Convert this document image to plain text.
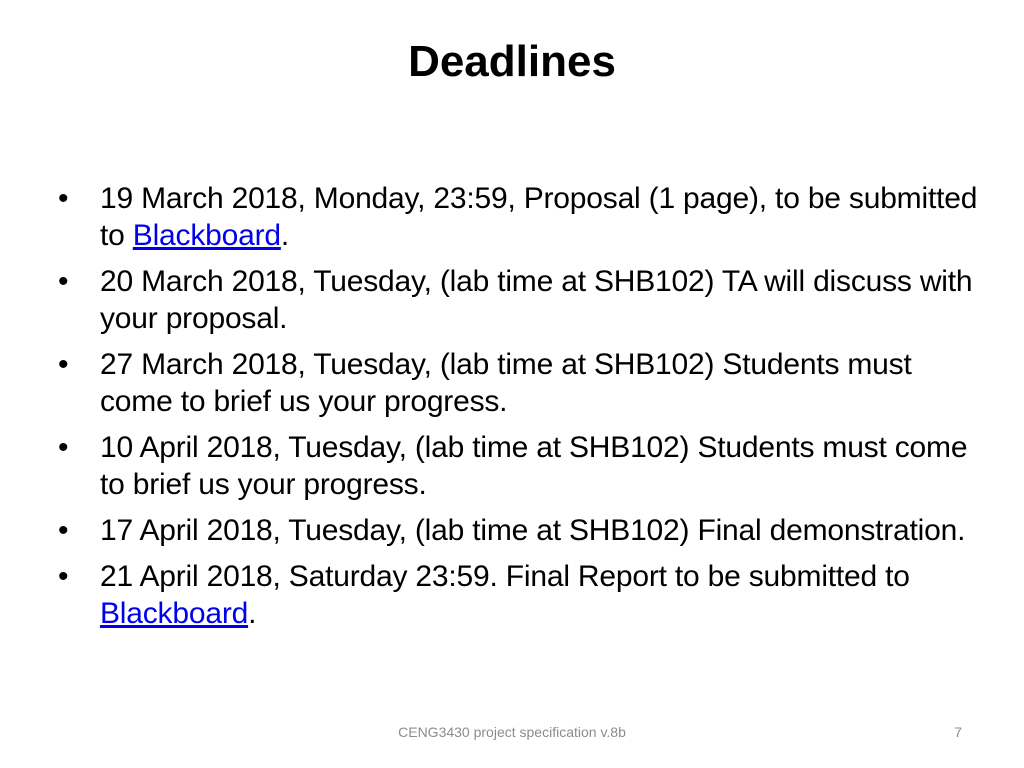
Deadlines
• 19 March 2018, Monday, 23:59, Proposal (1 page), to be submitted to Blackboard.
• 20 March 2018, Tuesday, (lab time at SHB102) TA will discuss with your proposal.
• 27 March 2018, Tuesday, (lab time at SHB102) Students must come to brief us your progress.
• 10 April 2018, Tuesday, (lab time at SHB102) Students must come to brief us your progress.
• 17 April 2018, Tuesday, (lab time at SHB102) Final demonstration.
• 21 April 2018, Saturday 23:59. Final Report to be submitted to Blackboard.
CENG3430 project specification v.8b	7
